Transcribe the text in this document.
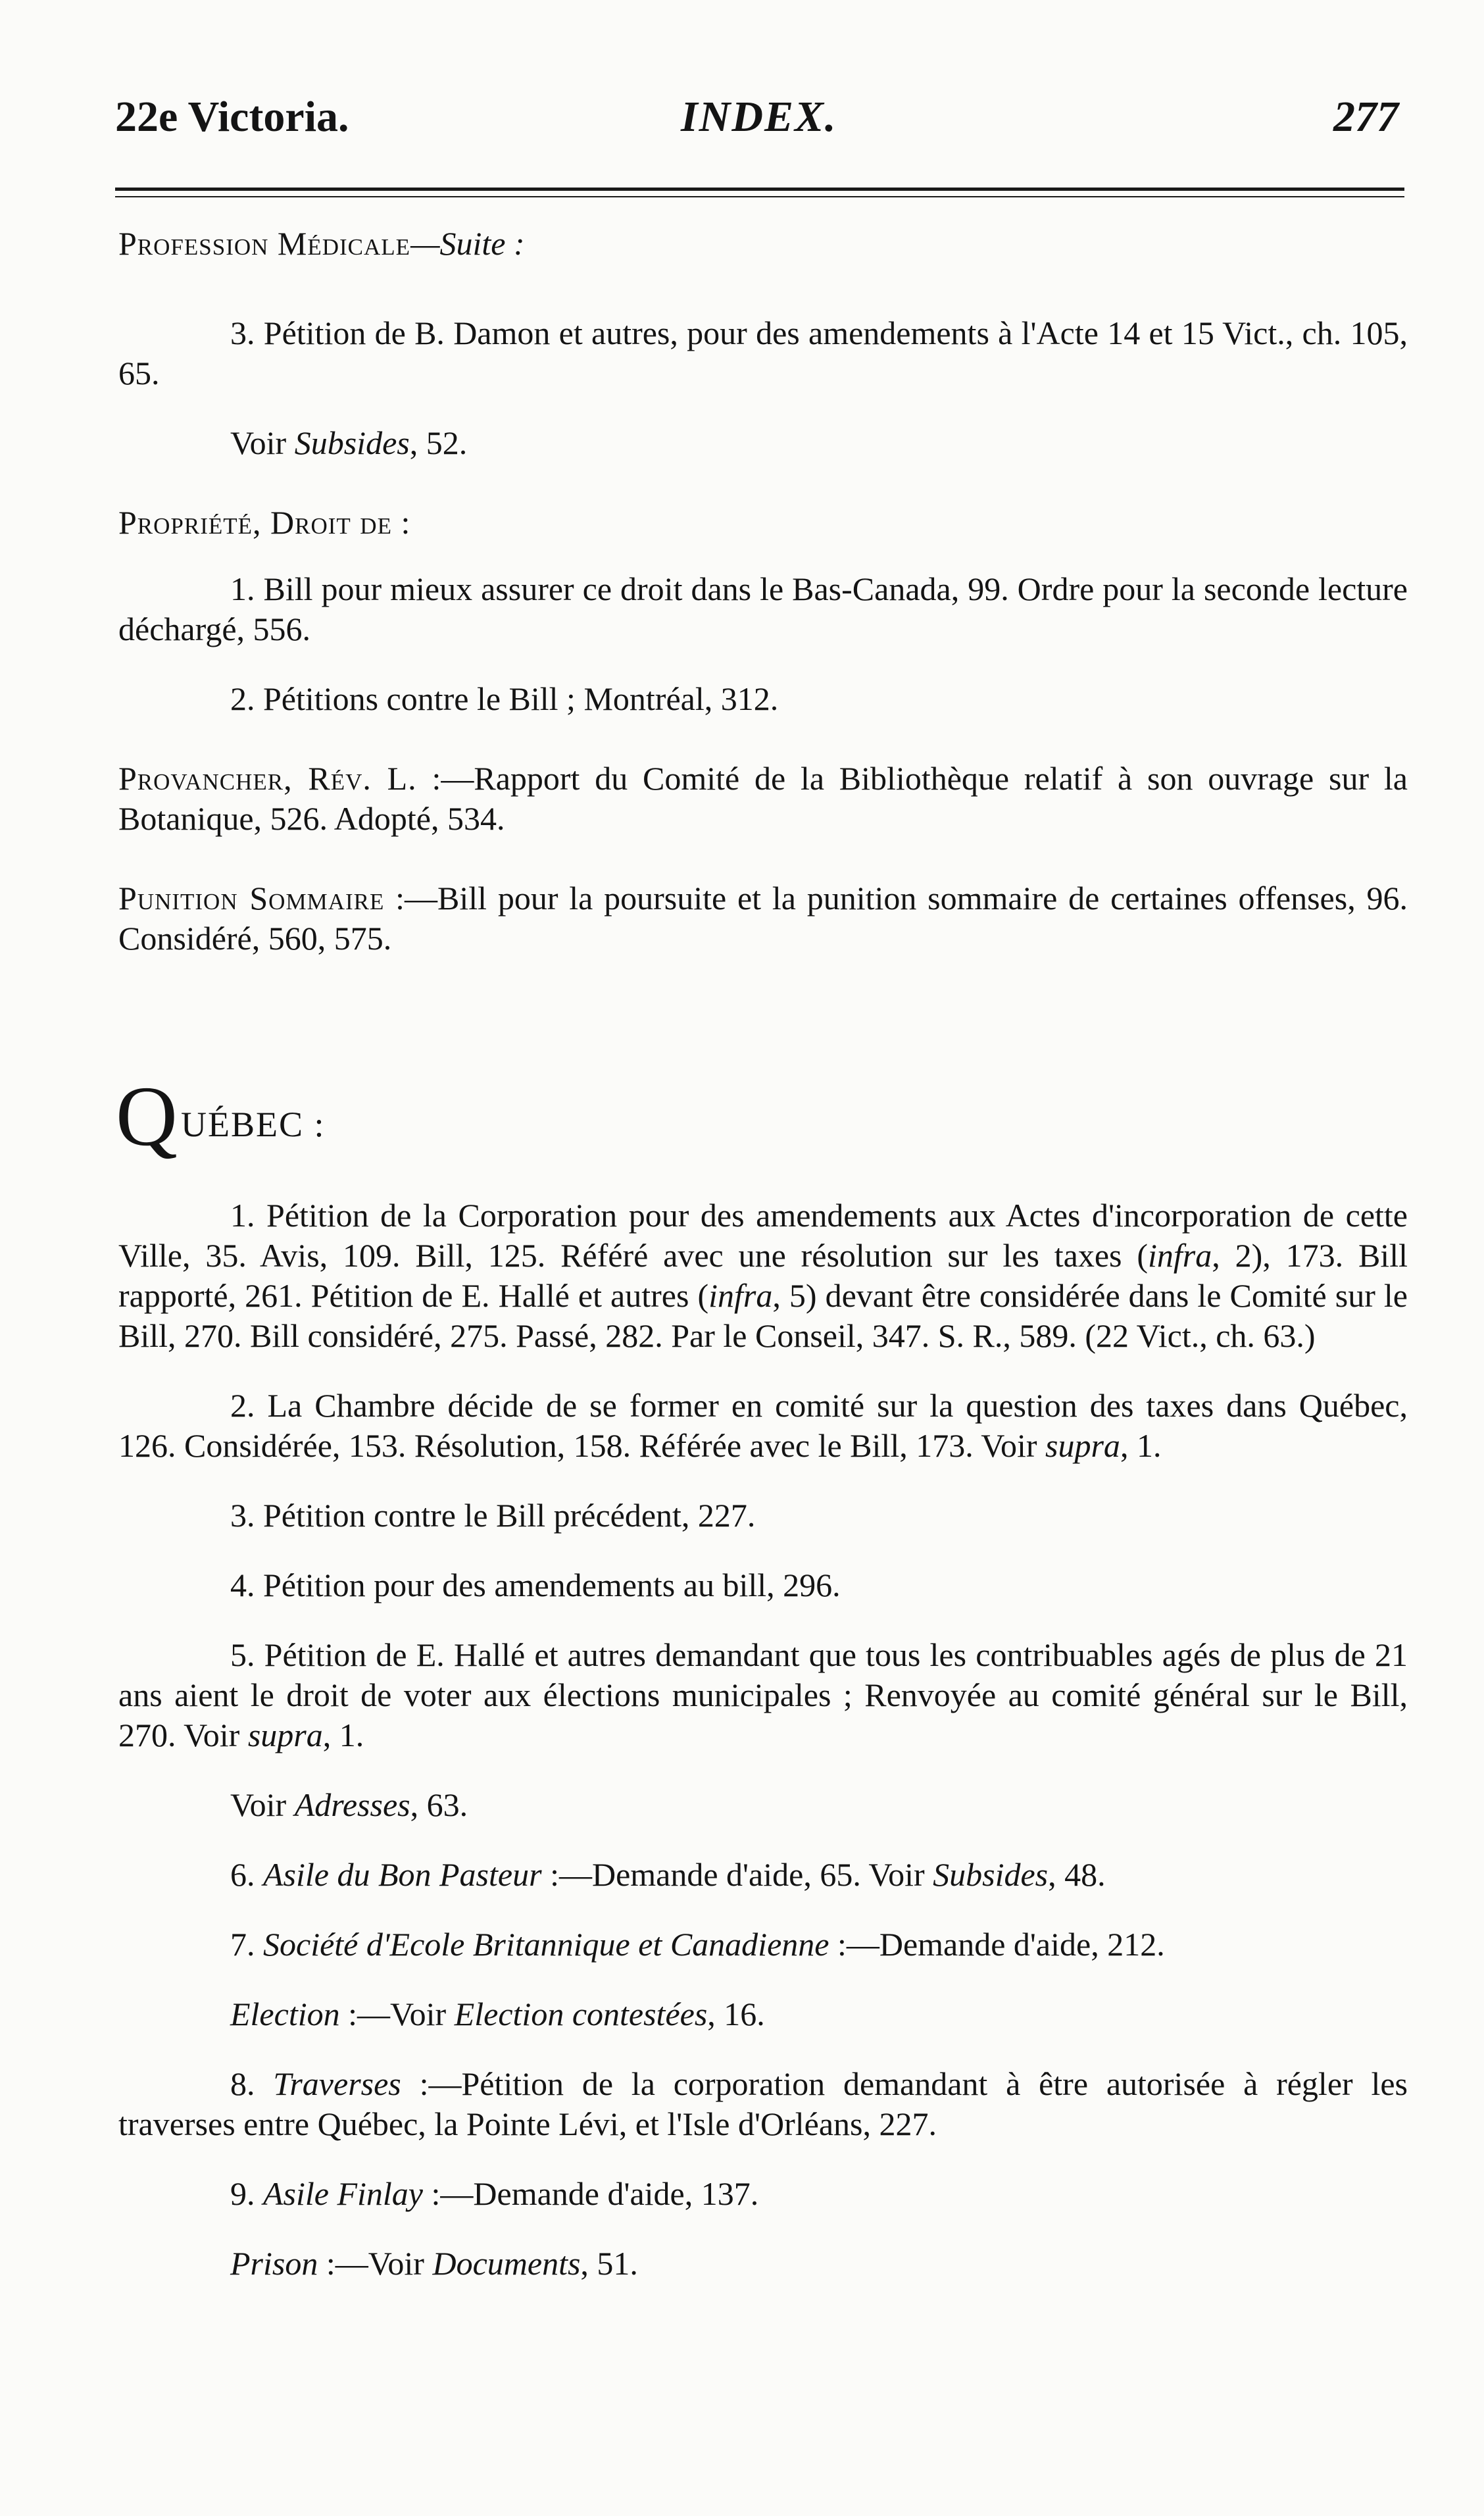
22e Victoria.	INDEX.	277

Profession Médicale—Suite :

3. Pétition de B. Damon et autres, pour des amendements à l'Acte 14 et 15 Vict., ch. 105, 65.

Voir Subsides, 52.

Propriété, Droit de :

1. Bill pour mieux assurer ce droit dans le Bas-Canada, 99. Ordre pour la seconde lecture déchargé, 556.

2. Pétitions contre le Bill ; Montréal, 312.

Provancher, Rév. L. :—Rapport du Comité de la Bibliothèque relatif à son ouvrage sur la Botanique, 526. Adopté, 534.

Punition Sommaire :—Bill pour la poursuite et la punition sommaire de certaines offenses, 96. Considéré, 560, 575.

Q UÉBEC :

1. Pétition de la Corporation pour des amendements aux Actes d'incorporation de cette Ville, 35. Avis, 109. Bill, 125. Référé avec une résolution sur les taxes (infra, 2), 173. Bill rapporté, 261. Pétition de E. Hallé et autres (infra, 5) devant être considérée dans le Comité sur le Bill, 270. Bill considéré, 275. Passé, 282. Par le Conseil, 347. S. R., 589. (22 Vict., ch. 63.)

2. La Chambre décide de se former en comité sur la question des taxes dans Québec, 126. Considérée, 153. Résolution, 158. Référée avec le Bill, 173. Voir supra, 1.

3. Pétition contre le Bill précédent, 227.

4. Pétition pour des amendements au bill, 296.

5. Pétition de E. Hallé et autres demandant que tous les contribuables agés de plus de 21 ans aient le droit de voter aux élections municipales ; Renvoyée au comité général sur le Bill, 270. Voir supra, 1.

Voir Adresses, 63.

6. Asile du Bon Pasteur :—Demande d'aide, 65. Voir Subsides, 48.

7. Société d'Ecole Britannique et Canadienne :—Demande d'aide, 212.

Election :—Voir Election contestées, 16.

8. Traverses :—Pétition de la corporation demandant à être autorisée à régler les traverses entre Québec, la Pointe Lévi, et l'Isle d'Orléans, 227.

9. Asile Finlay :—Demande d'aide, 137.

Prison :—Voir Documents, 51.
